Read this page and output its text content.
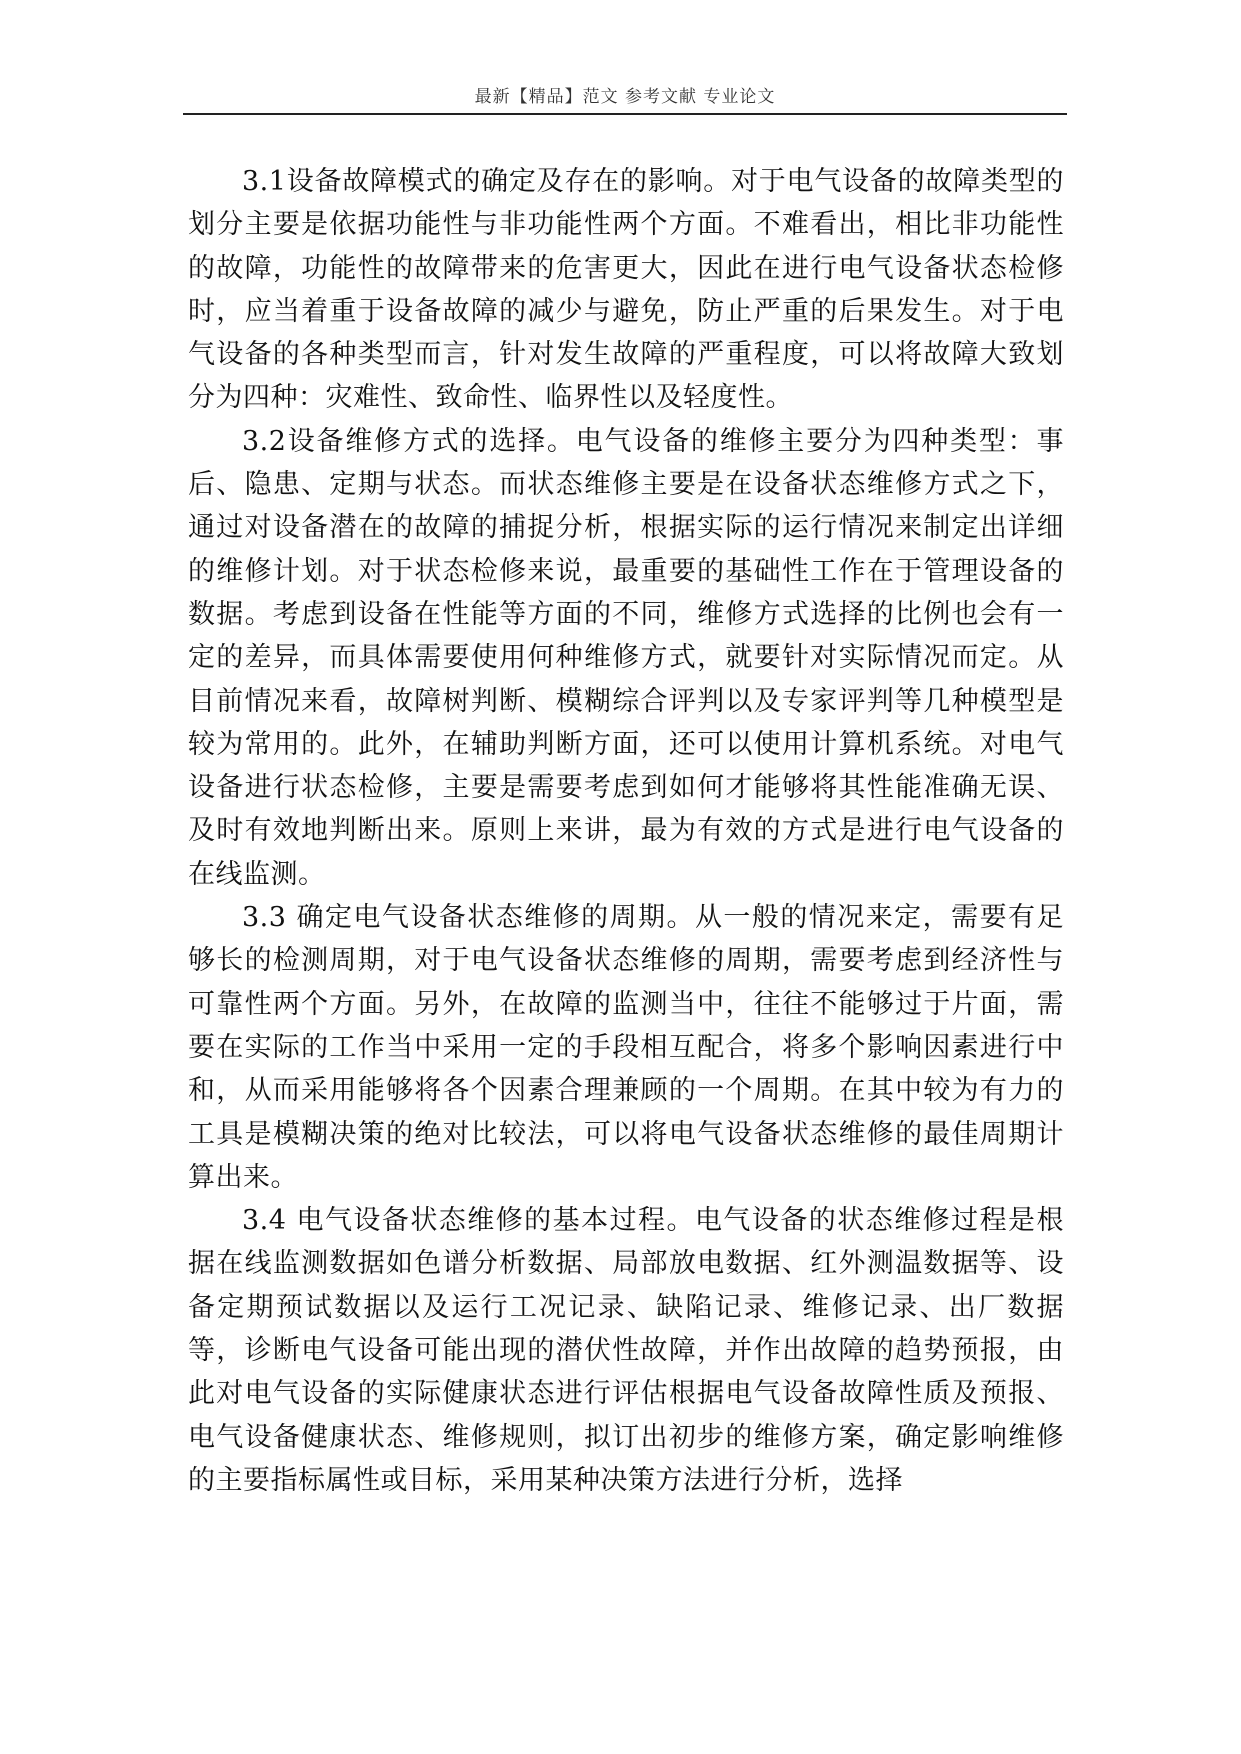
最新【精品】范文 参考文献 专业论文

3.1设备故障模式的确定及存在的影响。对于电气设备的故障类型的划分主要是依据功能性与非功能性两个方面。不难看出，相比非功能性的故障，功能性的故障带来的危害更大，因此在进行电气设备状态检修时，应当着重于设备故障的减少与避免，防止严重的后果发生。对于电气设备的各种类型而言，针对发生故障的严重程度，可以将故障大致划分为四种：灾难性、致命性、临界性以及轻度性。

3.2设备维修方式的选择。电气设备的维修主要分为四种类型：事后、隐患、定期与状态。而状态维修主要是在设备状态维修方式之下，通过对设备潜在的故障的捕捉分析，根据实际的运行情况来制定出详细的维修计划。对于状态检修来说，最重要的基础性工作在于管理设备的数据。考虑到设备在性能等方面的不同，维修方式选择的比例也会有一定的差异，而具体需要使用何种维修方式，就要针对实际情况而定。从目前情况来看，故障树判断、模糊综合评判以及专家评判等几种模型是较为常用的。此外，在辅助判断方面，还可以使用计算机系统。对电气设备进行状态检修，主要是需要考虑到如何才能够将其性能准确无误、及时有效地判断出来。原则上来讲，最为有效的方式是进行电气设备的在线监测。

3.3 确定电气设备状态维修的周期。从一般的情况来定，需要有足够长的检测周期，对于电气设备状态维修的周期，需要考虑到经济性与可靠性两个方面。另外，在故障的监测当中，往往不能够过于片面，需要在实际的工作当中采用一定的手段相互配合，将多个影响因素进行中和，从而采用能够将各个因素合理兼顾的一个周期。在其中较为有力的工具是模糊决策的绝对比较法，可以将电气设备状态维修的最佳周期计算出来。

3.4 电气设备状态维修的基本过程。电气设备的状态维修过程是根据在线监测数据如色谱分析数据、局部放电数据、红外测温数据等、设备定期预试数据以及运行工况记录、缺陷记录、维修记录、出厂数据等，诊断电气设备可能出现的潜伏性故障，并作出故障的趋势预报，由此对电气设备的实际健康状态进行评估根据电气设备故障性质及预报、电气设备健康状态、维修规则，拟订出初步的维修方案，确定影响维修的主要指标属性或目标，采用某种决策方法进行分析，选择
